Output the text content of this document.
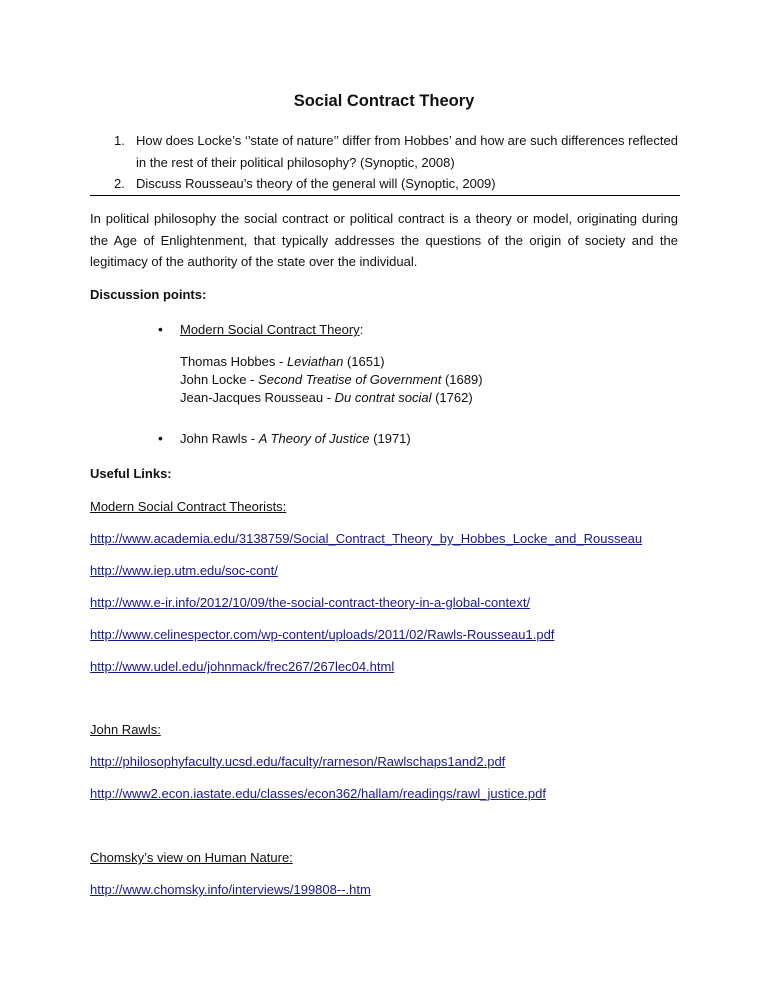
Social Contract Theory
1. How does Locke’s ‘’state of nature’’ differ from Hobbes’ and how are such differences reflected in the rest of their political philosophy? (Synoptic, 2008)
2. Discuss Rousseau’s theory of the general will (Synoptic, 2009)
In political philosophy the social contract or political contract is a theory or model, originating during the Age of Enlightenment, that typically addresses the questions of the origin of society and the legitimacy of the authority of the state over the individual.
Discussion points:
• Modern Social Contract Theory:
Thomas Hobbes - Leviathan (1651)
John Locke - Second Treatise of Government (1689)
Jean-Jacques Rousseau - Du contrat social (1762)
• John Rawls - A Theory of Justice (1971)
Useful Links:
Modern Social Contract Theorists:
http://www.academia.edu/3138759/Social_Contract_Theory_by_Hobbes_Locke_and_Rousseau
http://www.iep.utm.edu/soc-cont/
http://www.e-ir.info/2012/10/09/the-social-contract-theory-in-a-global-context/
http://www.celinespector.com/wp-content/uploads/2011/02/Rawls-Rousseau1.pdf
http://www.udel.edu/johnmack/frec267/267lec04.html
John Rawls:
http://philosophyfaculty.ucsd.edu/faculty/rarneson/Rawlschaps1and2.pdf
http://www2.econ.iastate.edu/classes/econ362/hallam/readings/rawl_justice.pdf
Chomsky’s view on Human Nature:
http://www.chomsky.info/interviews/199808--.htm
